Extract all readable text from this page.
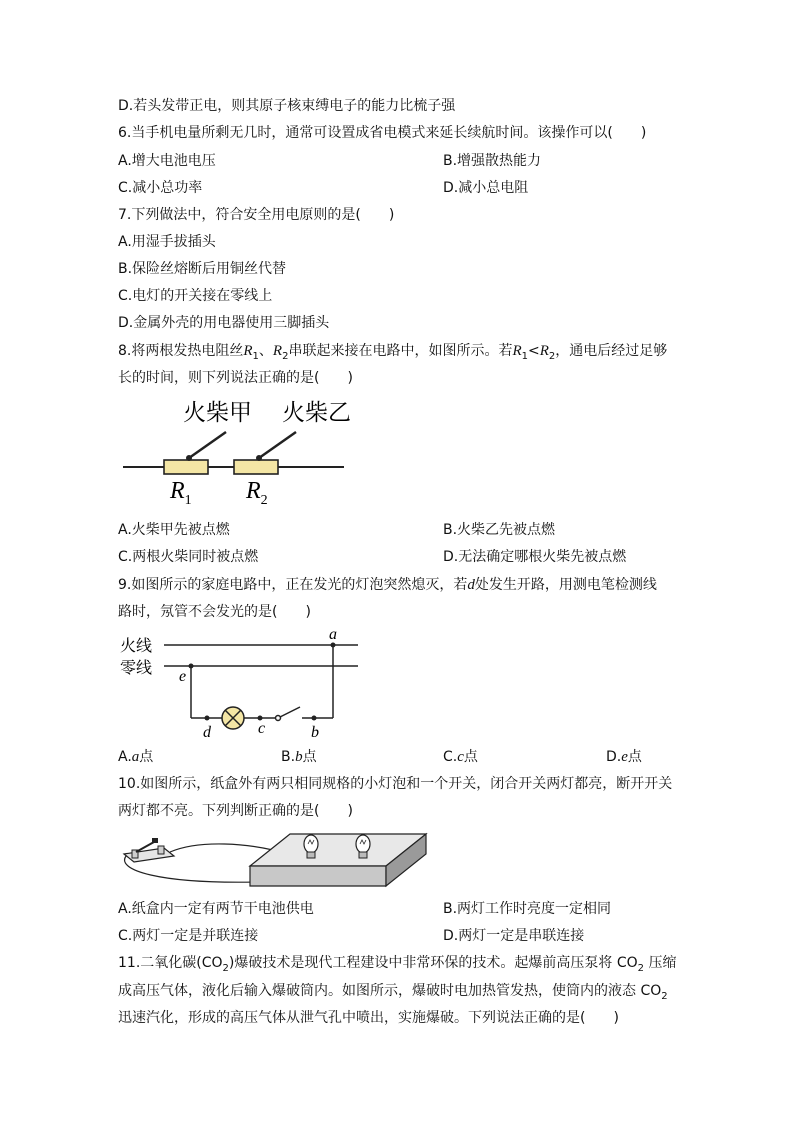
D.若头发带正电，则其原子核束缚电子的能力比梳子强
6.当手机电量所剩无几时，通常可设置成省电模式来延长续航时间。该操作可以(　　)
A.增大电池电压	B.增强散热能力
C.减小总功率	D.减小总电阻
7.下列做法中，符合安全用电原则的是(　　)
A.用湿手拔插头
B.保险丝熔断后用铜丝代替
C.电灯的开关接在零线上
D.金属外壳的用电器使用三脚插头
8.将两根发热电阻丝$R_1$、$R_2$串联起来接在电路中，如图所示。若$R_1<R_2$，通电后经过足够
长的时间，则下列说法正确的是(　　)
火柴甲 火柴乙
$R_1$ $R_2$
A.火柴甲先被点燃	B.火柴乙先被点燃
C.两根火柴同时被点燃	D.无法确定哪根火柴先被点燃
9.如图所示的家庭电路中，正在发光的灯泡突然熄灭，若d处发生开路，用测电笔检测线
路时，氖管不会发光的是(　　)
火线
零线
a
e
d	c	b
A.a点	B.b点	C.c点	D.e点
10.如图所示，纸盒外有两只相同规格的小灯泡和一个开关，闭合开关两灯都亮，断开开关
两灯都不亮。下列判断正确的是(　　)
A.纸盒内一定有两节干电池供电	B.两灯工作时亮度一定相同
C.两灯一定是并联连接	D.两灯一定是串联连接
11.二氧化碳$(CO_2)$爆破技术是现代工程建设中非常环保的技术。起爆前高压泵将 $CO_2$ 压缩
成高压气体，液化后输入爆破筒内。如图所示，爆破时电加热管发热，使筒内的液态 $CO_2$
迅速汽化，形成的高压气体从泄气孔中喷出，实施爆破。下列说法正确的是(　　)
